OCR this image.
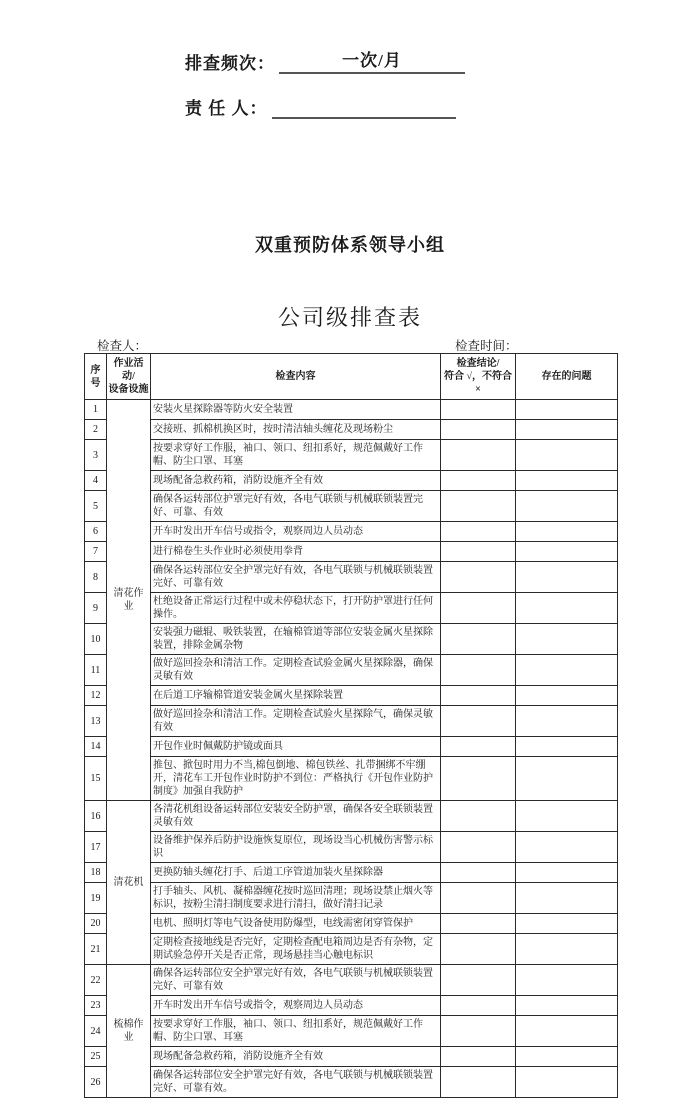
排查频次：	一次/月
责 任 人：
双重预防体系领导小组
公司级排查表
检查人：	检查时间：
序号	作业活动/
设备设施	检查内容	检查结论/
符合 √，不符合×	存在的问题
1	清花作业	安装火星探除器等防火安全装置		
2		交接班、抓棉机换区时，按时清洁轴头缠花及现场粉尘		
3		按要求穿好工作服，袖口、领口、纽扣系好，规范佩戴好工作帽、防尘口罩、耳塞		
4		现场配备急救药箱，消防设施齐全有效		
5		确保各运转部位护罩完好有效，各电气联锁与机械联锁装置完好、可靠、有效		
6		开车时发出开车信号或指令，观察周边人员动态		
7		进行棉卷生头作业时必须使用拳背		
8		确保各运转部位安全护罩完好有效，各电气联锁与机械联锁装置完好、可靠有效		
9		杜绝设备正常运行过程中或未停稳状态下，打开防护罩进行任何操作。		
10		安装强力磁辊、吸铁装置，在输棉管道等部位安装金属火星探除装置，排除金属杂物		
11		做好巡回捡杂和清洁工作。定期检查试验金属火星探除器，确保灵敏有效		
12		在后道工序输棉管道安装金属火星探除装置		
13		做好巡回捡杂和清洁工作。定期检查试验火星探除气，确保灵敏有效		
14		开包作业时佩戴防护镜或面具		
15		推包、掀包时用力不当,棉包倒地、棉包铁丝、扎带捆绑不牢绷开，清花车工开包作业时防护不到位：严格执行《开包作业防护制度》加强自我防护		
16	清花机	各清花机组设备运转部位安装安全防护罩，确保各安全联锁装置灵敏有效		
17		设备维护保养后防护设施恢复原位，现场设当心机械伤害警示标识		
18		更换防轴头缠花打手、后道工序管道加装火星探除器		
19		打手轴头、风机、凝棉器缠花按时巡回清理；现场设禁止烟火等标识，按粉尘清扫制度要求进行清扫，做好清扫记录		
20		电机、照明灯等电气设备使用防爆型，电线需密闭穿管保护		
21		定期检查接地线是否完好，定期检查配电箱周边是否有杂物，定期试验急停开关是否正常，现场悬挂当心触电标识		
22	梳棉作业	确保各运转部位安全护罩完好有效，各电气联锁与机械联锁装置完好、可靠有效		
23		开车时发出开车信号或指令，观察周边人员动态		
24		按要求穿好工作服，袖口、领口、纽扣系好，规范佩戴好工作帽、防尘口罩、耳塞		
25		现场配备急救药箱，消防设施齐全有效		
26		确保各运转部位安全护罩完好有效，各电气联锁与机械联锁装置完好、可靠有效。		
